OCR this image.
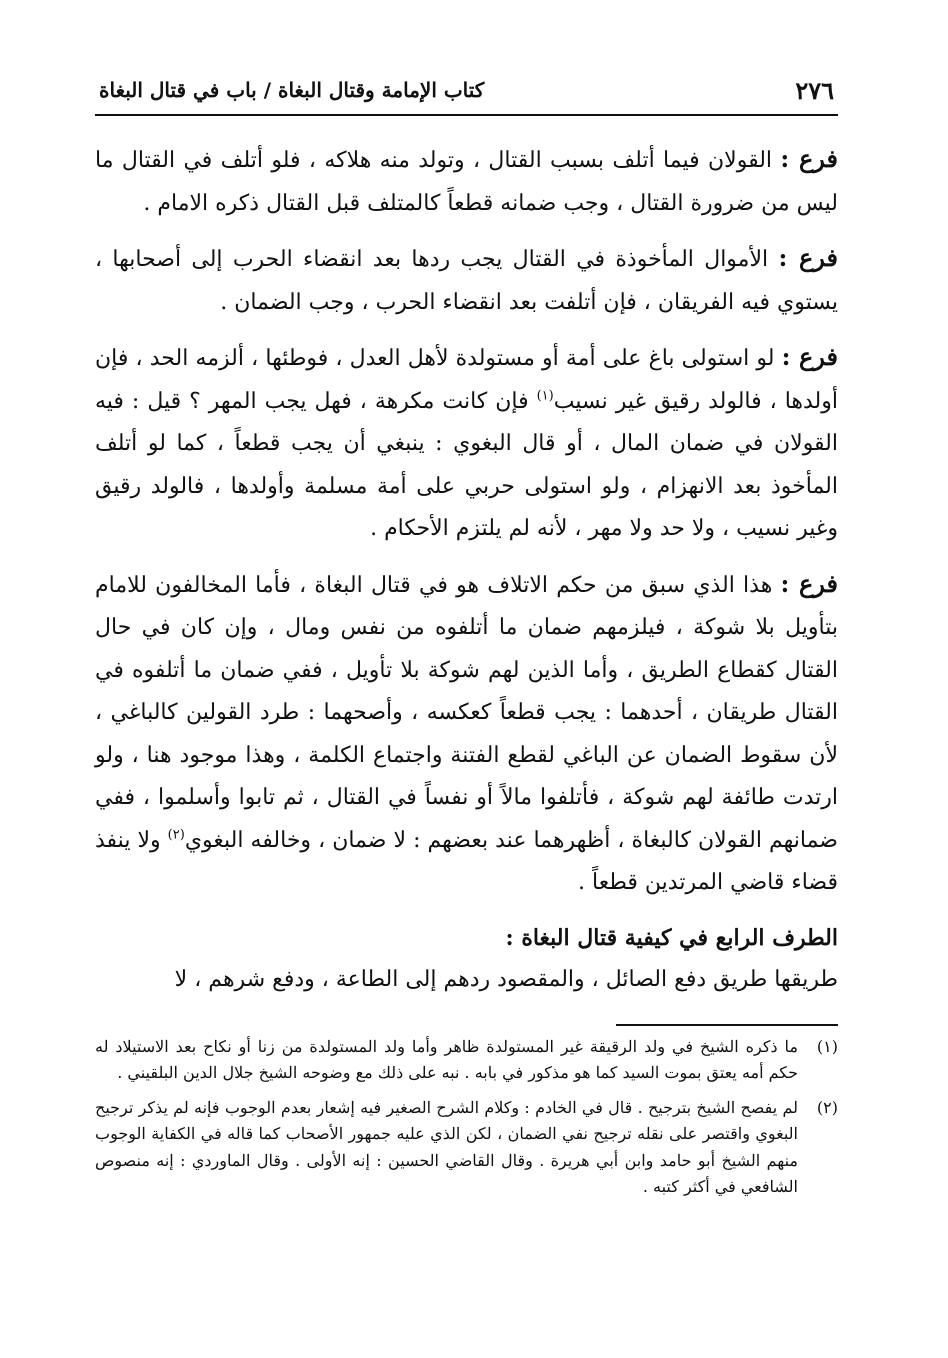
٢٧٦
كتاب الإمامة وقتال البغاة / باب في قتال البغاة

فرع : القولان فيما أتلف بسبب القتال ، وتولد منه هلاكه ، فلو أتلف في القتال ما ليس من ضرورة القتال ، وجب ضمانه قطعاً كالمتلف قبل القتال ذكره الامام .

فرع : الأموال المأخوذة في القتال يجب ردها بعد انقضاء الحرب إلى أصحابها ، يستوي فيه الفريقان ، فإن أتلفت بعد انقضاء الحرب ، وجب الضمان .

فرع : لو استولى باغ على أمة أو مستولدة لأهل العدل ، فوطئها ، ألزمه الحد ، فإن أولدها ، فالولد رقيق غير نسيب$^{(١)}$ فإن كانت مكرهة ، فهل يجب المهر ؟ قيل : فيه القولان في ضمان المال ، أو قال البغوي : ينبغي أن يجب قطعاً ، كما لو أتلف المأخوذ بعد الانهزام ، ولو استولى حربي على أمة مسلمة وأولدها ، فالولد رقيق وغير نسيب ، ولا حد ولا مهر ، لأنه لم يلتزم الأحكام .

فرع : هذا الذي سبق من حكم الاتلاف هو في قتال البغاة ، فأما المخالفون للامام بتأويل بلا شوكة ، فيلزمهم ضمان ما أتلفوه من نفس ومال ، وإن كان في حال القتال كقطاع الطريق ، وأما الذين لهم شوكة بلا تأويل ، ففي ضمان ما أتلفوه في القتال طريقان ، أحدهما : يجب قطعاً كعكسه ، وأصحهما : طرد القولين كالباغي ، لأن سقوط الضمان عن الباغي لقطع الفتنة واجتماع الكلمة ، وهذا موجود هنا ، ولو ارتدت طائفة لهم شوكة ، فأتلفوا مالاً أو نفساً في القتال ، ثم تابوا وأسلموا ، ففي ضمانهم القولان كالبغاة ، أظهرهما عند بعضهم : لا ضمان ، وخالفه البغوي$^{(٢)}$ ولا ينفذ قضاء قاضي المرتدين قطعاً .

الطرف الرابع في كيفية قتال البغاة :

طريقها طريق دفع الصائل ، والمقصود ردهم إلى الطاعة ، ودفع شرهم ، لا

(١)
ما ذكره الشيخ في ولد الرقيقة غير المستولدة ظاهر وأما ولد المستولدة من زنا أو نكاح بعد الاستيلاد له حكم أمه يعتق بموت السيد كما هو مذكور في بابه . نبه على ذلك مع وضوحه الشيخ جلال الدين البلقيني .
(٢)
لم يفصح الشيخ بترجيح . قال في الخادم : وكلام الشرح الصغير فيه إشعار بعدم الوجوب فإنه لم يذكر ترجيح البغوي واقتصر على نقله ترجيح نفي الضمان ، لكن الذي عليه جمهور الأصحاب كما قاله في الكفاية الوجوب منهم الشيخ أبو حامد وابن أبي هريرة . وقال القاضي الحسين : إنه الأولى . وقال الماوردي : إنه منصوص الشافعي في أكثر كتبه .
